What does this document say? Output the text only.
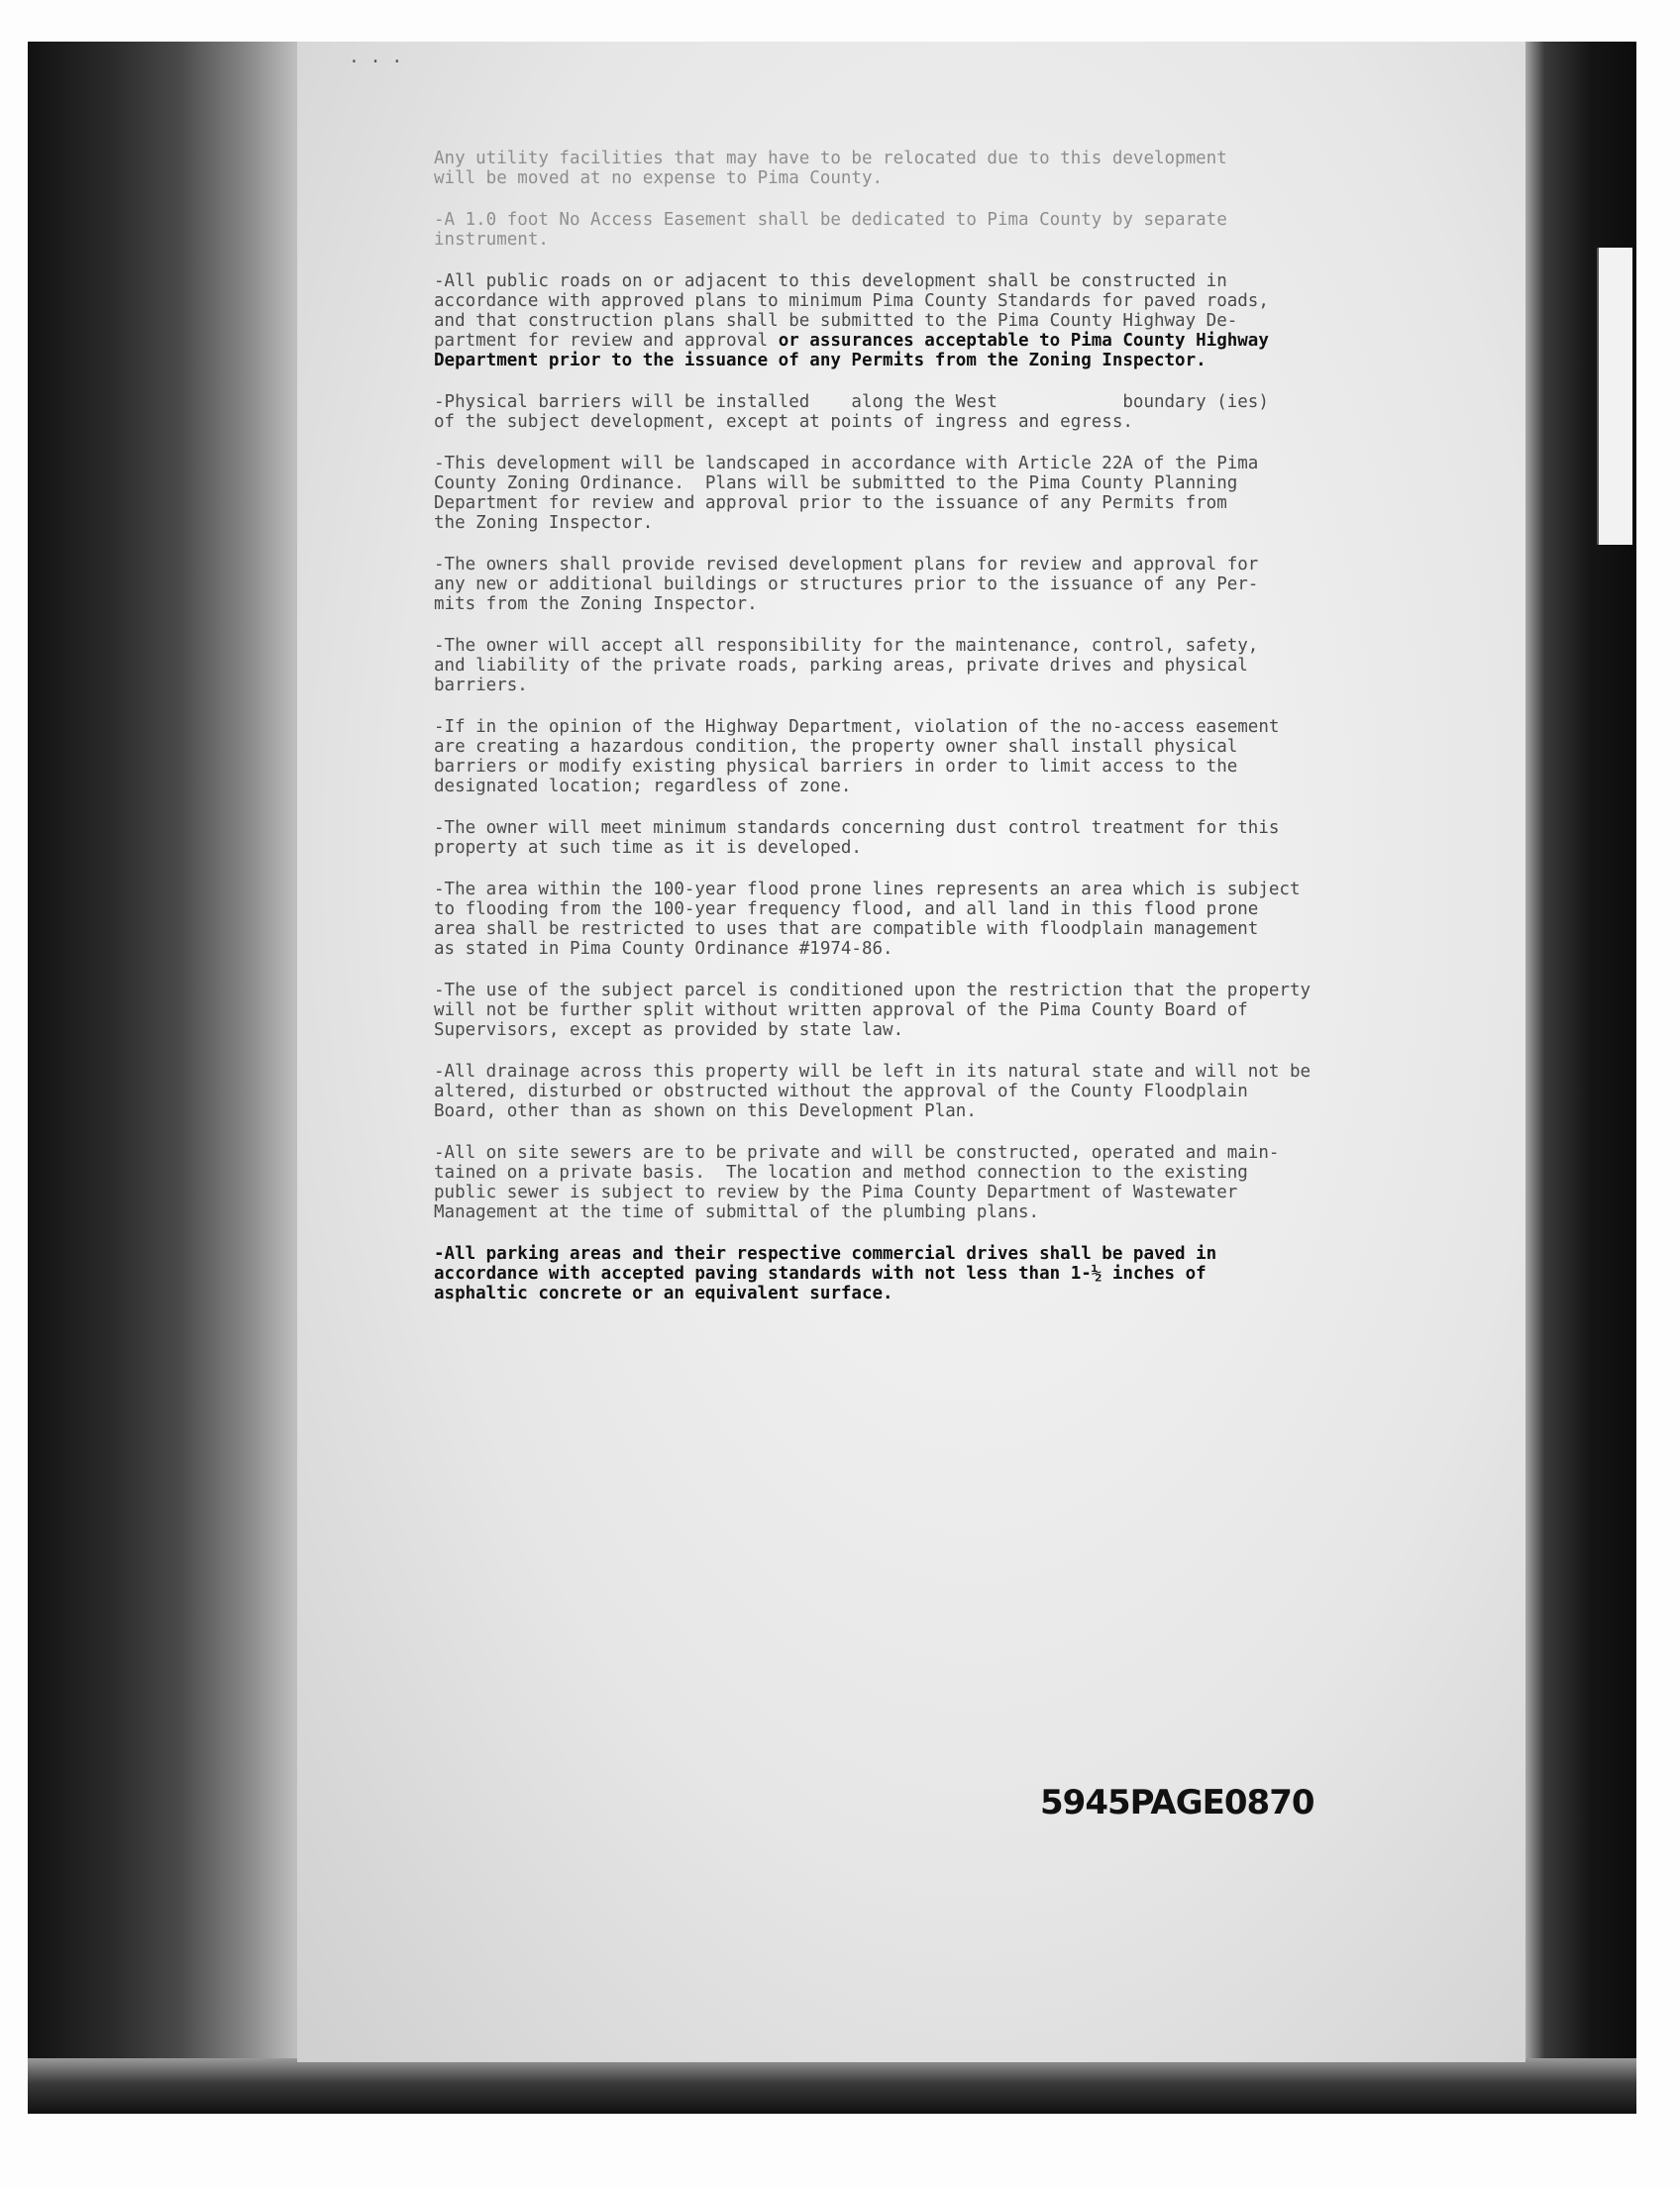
· · ·

Any utility facilities that may have to be relocated due to this development
will be moved at no expense to Pima County.

-A 1.0 foot No Access Easement shall be dedicated to Pima County by separate
instrument.

-All public roads on or adjacent to this development shall be constructed in
accordance with approved plans to minimum Pima County Standards for paved roads,
and that construction plans shall be submitted to the Pima County Highway De-
partment for review and approval or assurances acceptable to Pima County Highway
Department prior to the issuance of any Permits from the Zoning Inspector.

-Physical barriers will be installed    along the West            boundary (ies)
of the subject development, except at points of ingress and egress.

-This development will be landscaped in accordance with Article 22A of the Pima
County Zoning Ordinance.  Plans will be submitted to the Pima County Planning
Department for review and approval prior to the issuance of any Permits from
the Zoning Inspector.

-The owners shall provide revised development plans for review and approval for
any new or additional buildings or structures prior to the issuance of any Per-
mits from the Zoning Inspector.

-The owner will accept all responsibility for the maintenance, control, safety,
and liability of the private roads, parking areas, private drives and physical
barriers.

-If in the opinion of the Highway Department, violation of the no-access easement
are creating a hazardous condition, the property owner shall install physical
barriers or modify existing physical barriers in order to limit access to the
designated location; regardless of zone.

-The owner will meet minimum standards concerning dust control treatment for this
property at such time as it is developed.

-The area within the 100-year flood prone lines represents an area which is subject
to flooding from the 100-year frequency flood, and all land in this flood prone
area shall be restricted to uses that are compatible with floodplain management
as stated in Pima County Ordinance #1974-86.

-The use of the subject parcel is conditioned upon the restriction that the property
will not be further split without written approval of the Pima County Board of
Supervisors, except as provided by state law.

-All drainage across this property will be left in its natural state and will not be
altered, disturbed or obstructed without the approval of the County Floodplain
Board, other than as shown on this Development Plan.

-All on site sewers are to be private and will be constructed, operated and main-
tained on a private basis.  The location and method connection to the existing
public sewer is subject to review by the Pima County Department of Wastewater
Management at the time of submittal of the plumbing plans.

-All parking areas and their respective commercial drives shall be paved in
accordance with accepted paving standards with not less than 1-½ inches of
asphaltic concrete or an equivalent surface.

5945PAGE0870
